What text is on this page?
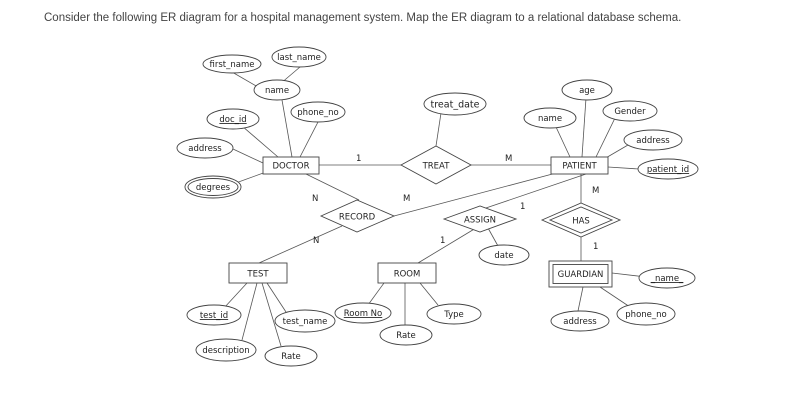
Consider the following ER diagram for a hospital management system. Map the ER diagram to a relational database schema.
DOCTOR	PATIENT
TEST	ROOM	GUARDIAN
TREAT
RECORD	ASSIGN	HAS
first_name
last_name
name
phone_no
doc_id
address
degrees
treat_date
age
name
Gender
address
patient_id
date
test_id
test_name
description
Rate
Room No	Type
Rate
_name_
phone_no
address
1	M
N	M
N
1
1
M
1
